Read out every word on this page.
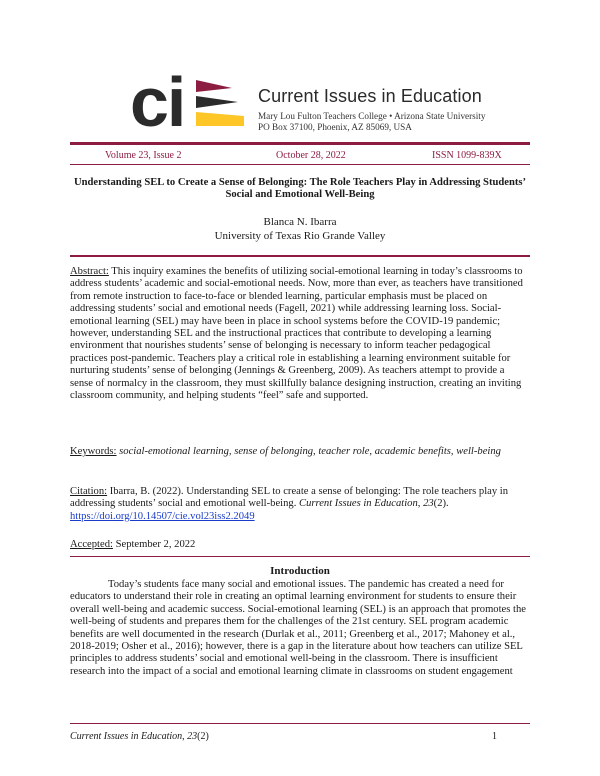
ci	Current Issues in Education
Mary Lou Fulton Teachers College • Arizona State University
PO Box 37100, Phoenix, AZ 85069, USA
Volume 23, Issue 2	October 28, 2022	ISSN 1099-839X
Understanding SEL to Create a Sense of Belonging: The Role Teachers Play in Addressing Students’ Social and Emotional Well-Being
Blanca N. Ibarra
University of Texas Rio Grande Valley

Abstract: This inquiry examines the benefits of utilizing social-emotional learning in today’s classrooms to address students’ academic and social-emotional needs. Now, more than ever, as teachers have transitioned from remote instruction to face-to-face or blended learning, particular emphasis must be placed on addressing students’ social and emotional needs (Fagell, 2021) while addressing learning loss. Social-emotional learning (SEL) may have been in place in school systems before the COVID-19 pandemic; however, understanding SEL and the instructional practices that contribute to developing a learning environment that nourishes students’ sense of belonging is necessary to inform teacher pedagogical practices post-pandemic. Teachers play a critical role in establishing a learning environment suitable for nurturing students’ sense of belonging (Jennings & Greenberg, 2009). As teachers attempt to provide a sense of normalcy in the classroom, they must skillfully balance designing instruction, creating an inviting classroom community, and helping students “feel” safe and supported.

Keywords: social-emotional learning, sense of belonging, teacher role, academic benefits, well-being

Citation: Ibarra, B. (2022). Understanding SEL to create a sense of belonging: The role teachers play in addressing students’ social and emotional well-being. Current Issues in Education, 23(2).
https://doi.org/10.14507/cie.vol23iss2.2049

Accepted: September 2, 2022

Introduction

Today’s students face many social and emotional issues. The pandemic has created a need for educators to understand their role in creating an optimal learning environment for students to ensure their overall well-being and academic success. Social-emotional learning (SEL) is an approach that promotes the well-being of students and prepares them for the challenges of the 21st century. SEL program academic benefits are well documented in the research (Durlak et al., 2011; Greenberg et al., 2017; Mahoney et al., 2018-2019; Osher et al., 2016); however, there is a gap in the literature about how teachers can utilize SEL principles to address students’ social and emotional well-being in the classroom. There is insufficient research into the impact of a social and emotional learning climate in classrooms on student engagement

Current Issues in Education, 23(2)	1
